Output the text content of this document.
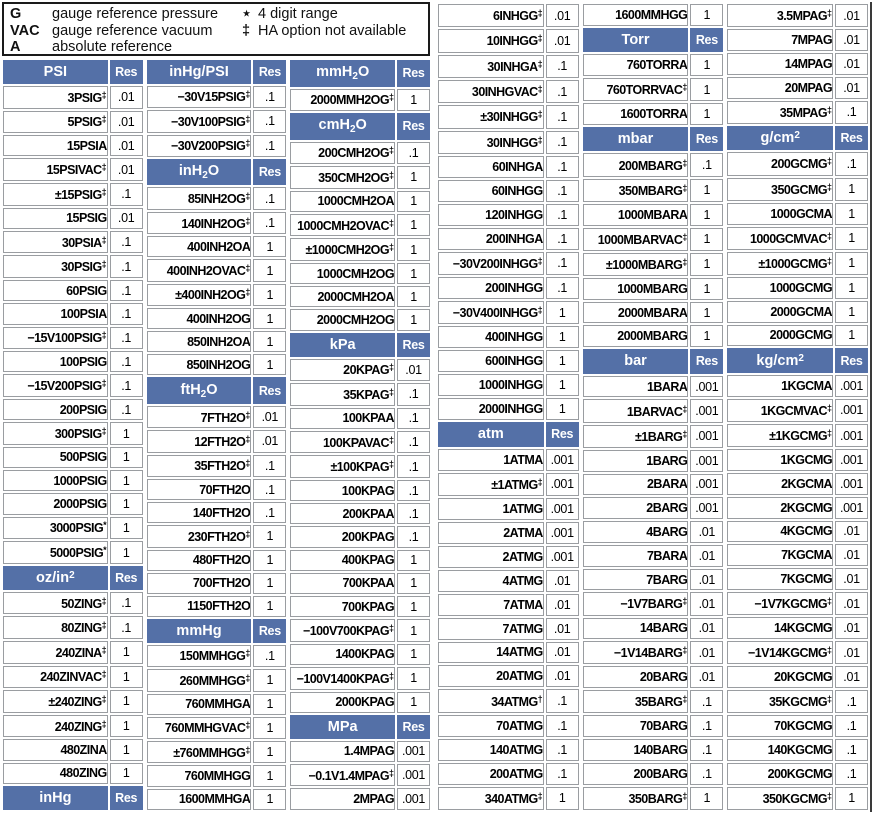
G	gauge reference pressure
VAC gauge reference vacuum
A	absolute reference
⋆ 4 digit range
‡ HA option not available
PSI	Res
3PSIG‡	.01
5PSIG‡	.01
15PSIA	.01
15PSIVAC‡	.01
±15PSIG‡	.1
15PSIG	.01
30PSIA‡	.1
30PSIG‡	.1
60PSIG	.1
100PSIA	.1
−15V100PSIG‡	.1
100PSIG	.1
−15V200PSIG‡	.1
200PSIG	.1
300PSIG‡	1
500PSIG	1
1000PSIG	1
2000PSIG	1
3000PSIG*	1
5000PSIG*	1
$oz/in^2$	Res
50ZING‡	.1
80ZING‡	.1
240ZINA‡	1
240ZINVAC‡	1
±240ZING‡	1
240ZING‡	1
480ZINA	1
480ZING	1
inHg	Res
inHg/PSI	Res
−30V15PSIG‡	.1
−30V100PSIG‡	.1
−30V200PSIG‡	.1
inH$_2$O	Res
85INH2OG‡	.1
140INH2OG‡	.1
400INH2OA	1
400INH2OVAC‡	1
±400INH2OG‡	1
400INH2OG	1
850INH2OA	1
850INH2OG	1
ftH$_2$O	Res
7FTH2O‡	.01
12FTH2O‡	.01
35FTH2O‡	.1
70FTH2O	.1
140FTH2O	.1
230FTH2O‡	1
480FTH2O	1
700FTH2O	1
1150FTH2O	1
mmHg	Res
150MMHGG‡	.1
260MMHGG‡	1
760MMHGA	1
760MMHGVAC‡	1
±760MMHGG‡	1
760MMHGG	1
1600MMHGA	1
mmH$_2$O	Res
2000MMH2OG‡	1
cmH$_2$O	Res
200CMH2OG‡	.1
350CMH2OG‡	1
1000CMH2OA	1
1000CMH2OVAC‡	1
±1000CMH2OG‡	1
1000CMH2OG	1
2000CMH2OA	1
2000CMH2OG	1
kPa	Res
20KPAG‡	.01
35KPAG‡	.1
100KPAA	.1
100KPAVAC‡	.1
±100KPAG‡	.1
100KPAG	.1
200KPAA	.1
200KPAG	.1
400KPAG	1
700KPAA	1
700KPAG	1
−100V700KPAG‡	1
1400KPAG	1
−100V1400KPAG‡	1
2000KPAG	1
MPa	Res
1.4MPAG	.001
−0.1V1.4MPAG‡	.001
2MPAG	.001
6INHGG‡	.01
10INHGG‡	.01
30INHGA‡	.1
30INHGVAC‡	.1
±30INHGG‡	.1
30INHGG‡	.1
60INHGA	.1
60INHGG	.1
120INHGG	.1
200INHGA	.1
−30V200INHGG‡	.1
200INHGG	.1
−30V400INHGG‡	1
400INHGG	1
600INHGG	1
1000INHGG	1
2000INHGG	1
atm	Res
1ATMA	.001
±1ATMG‡	.001
1ATMG	.001
2ATMA	.001
2ATMG	.001
4ATMG	.01
7ATMA	.01
7ATMG	.01
14ATMG	.01
20ATMG	.01
34ATMG†	.1
70ATMG	.1
140ATMG	.1
200ATMG	.1
340ATMG‡	1
1600MMHGG	1
Torr	Res
760TORRA	1
760TORRVAC‡	1
1600TORRA	1
mbar	Res
200MBARG‡	.1
350MBARG‡	1
1000MBARA	1
1000MBARVAC‡	1
±1000MBARG‡	1
1000MBARG	1
2000MBARA	1
2000MBARG	1
bar	Res
1BARA	.001
1BARVAC‡	.001
±1BARG‡	.001
1BARG	.001
2BARA	.001
2BARG	.001
4BARG	.01
7BARA	.01
7BARG	.01
−1V7BARG‡	.01
14BARG	.01
−1V14BARG‡	.01
20BARG	.01
35BARG‡	.1
70BARG	.1
140BARG	.1
200BARG	.1
350BARG‡	1
3.5MPAG‡	.01
7MPAG	.01
14MPAG	.01
20MPAG	.01
35MPAG‡	.1
$g/cm^2$	Res
200GCMG‡	.1
350GCMG‡	1
1000GCMA	1
1000GCMVAC‡	1
±1000GCMG‡	1
1000GCMG	1
2000GCMA	1
2000GCMG	1
$kg/cm^2$	Res
1KGCMA	.001
1KGCMVAC‡	.001
±1KGCMG‡	.001
1KGCMG	.001
2KGCMA	.001
2KGCMG	.001
4KGCMG	.01
7KGCMA	.01
7KGCMG	.01
−1V7KGCMG‡	.01
14KGCMG	.01
−1V14KGCMG‡	.01
20KGCMG	.01
35KGCMG‡	.1
70KGCMG	.1
140KGCMG	.1
200KGCMG	.1
350KGCMG‡	1
